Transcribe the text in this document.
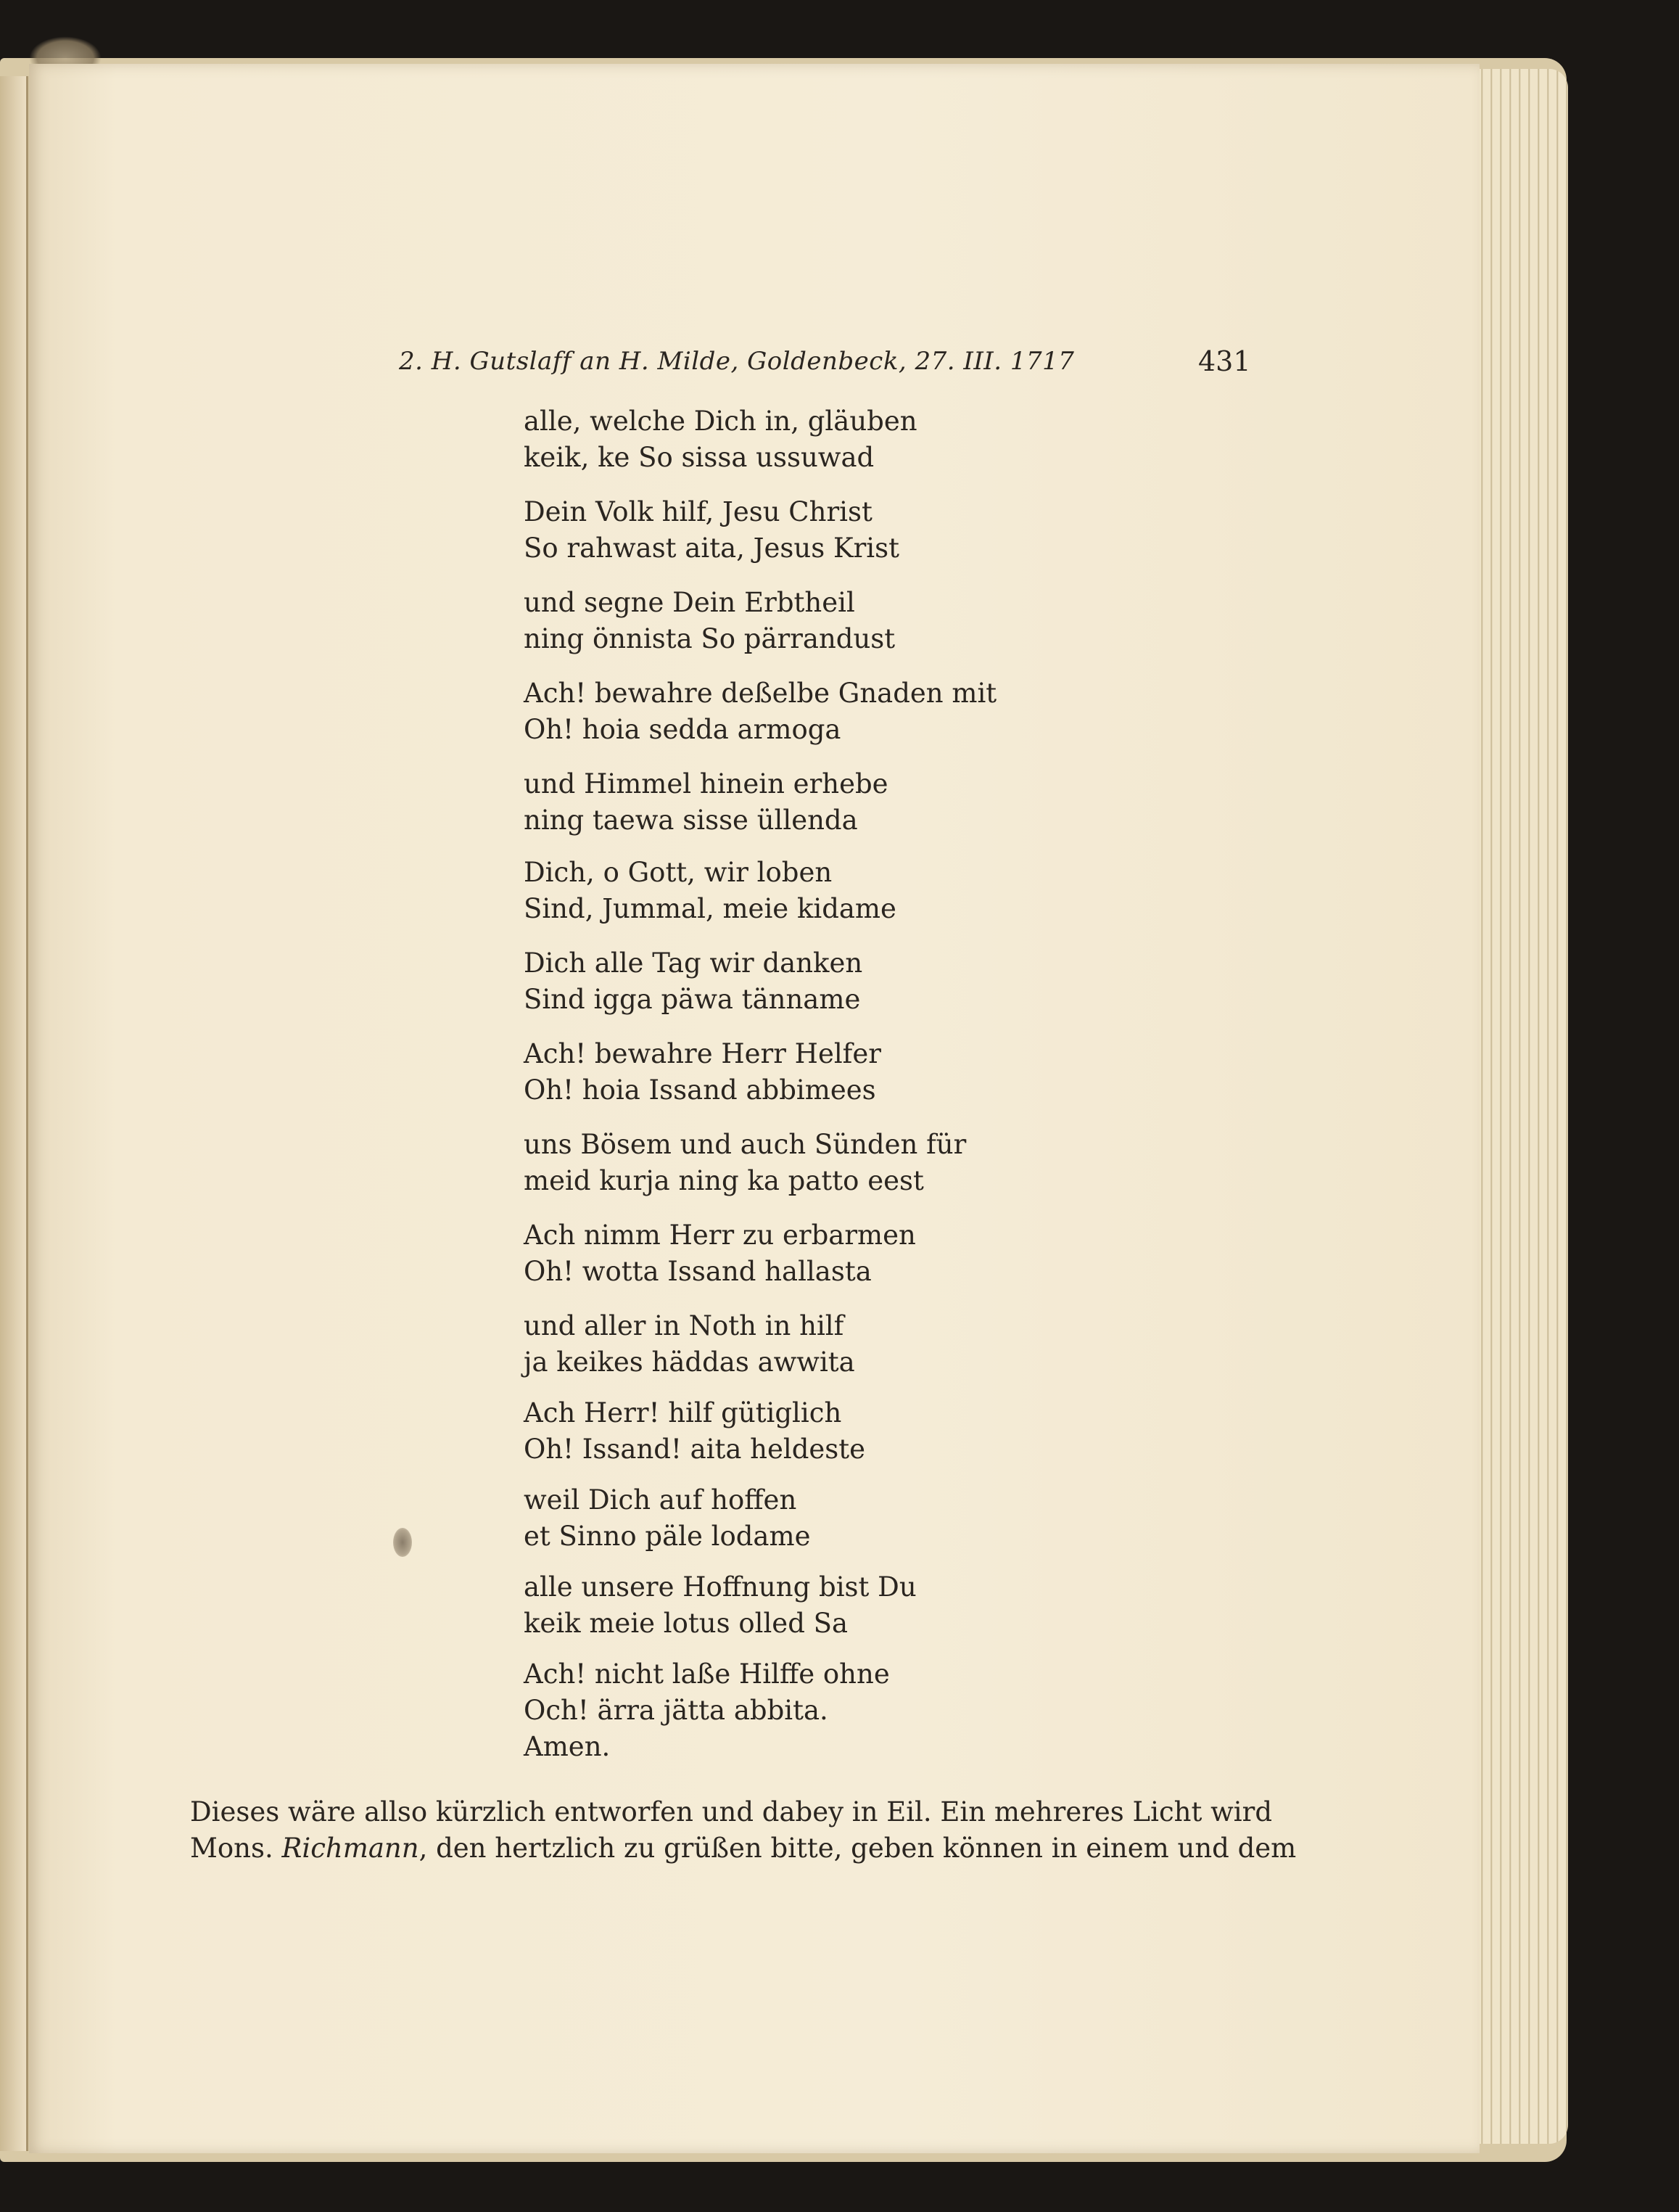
2. H. Gutslaff an H. Milde, Goldenbeck, 27. III. 1717	431
alle, welche Dich in, gläuben
keik, ke So sissa ussuwad
Dein Volk hilf, Jesu Christ
So rahwast aita, Jesus Krist
und segne Dein Erbtheil
ning önnista So pärrandust
Ach! bewahre deßelbe Gnaden mit
Oh! hoia sedda armoga
und Himmel hinein erhebe
ning taewa sisse üllenda
Dich, o Gott, wir loben
Sind, Jummal, meie kidame
Dich alle Tag wir danken
Sind igga päwa tänname
Ach! bewahre Herr Helfer
Oh! hoia Issand abbimees
uns Bösem und auch Sünden für
meid kurja ning ka patto eest
Ach nimm Herr zu erbarmen
Oh! wotta Issand hallasta
und aller in Noth in hilf
ja keikes häddas awwita
Ach Herr! hilf gütiglich
Oh! Issand! aita heldeste
weil Dich auf hoffen
et Sinno päle lodame
alle unsere Hoffnung bist Du
keik meie lotus olled Sa
Ach! nicht laße Hilffe ohne
Och! ärra jätta abbita.
Amen.
Dieses wäre allso kürzlich entworfen und dabey in Eil. Ein mehreres Licht wird
Mons. Richmann, den hertzlich zu grüßen bitte, geben können in einem und dem
